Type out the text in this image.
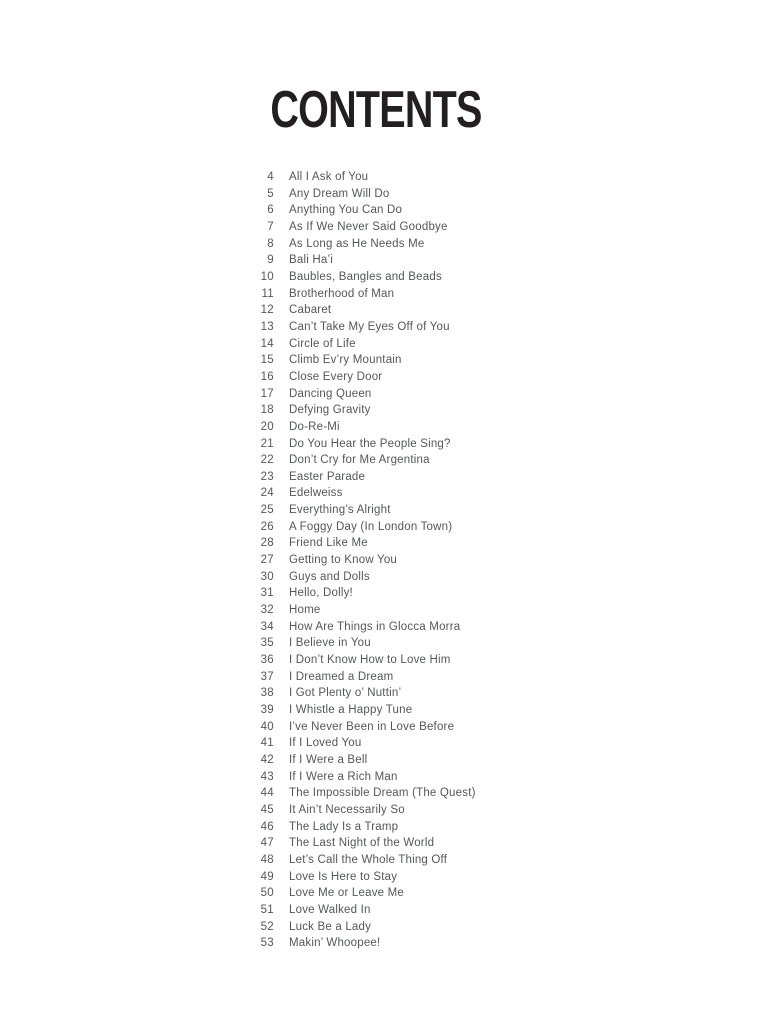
CONTENTS
4	All I Ask of You
5	Any Dream Will Do
6	Anything You Can Do
7	As If We Never Said Goodbye
8	As Long as He Needs Me
9	Bali Ha’i
10	Baubles, Bangles and Beads
11	Brotherhood of Man
12	Cabaret
13	Can’t Take My Eyes Off of You
14	Circle of Life
15	Climb Ev’ry Mountain
16	Close Every Door
17	Dancing Queen
18	Defying Gravity
20	Do-Re-Mi
21	Do You Hear the People Sing?
22	Don’t Cry for Me Argentina
23	Easter Parade
24	Edelweiss
25	Everything’s Alright
26	A Foggy Day (In London Town)
28	Friend Like Me
27	Getting to Know You
30	Guys and Dolls
31	Hello, Dolly!
32	Home
34	How Are Things in Glocca Morra
35	I Believe in You
36	I Don’t Know How to Love Him
37	I Dreamed a Dream
38	I Got Plenty o’ Nuttin’
39	I Whistle a Happy Tune
40	I’ve Never Been in Love Before
41	If I Loved You
42	If I Were a Bell
43	If I Were a Rich Man
44	The Impossible Dream (The Quest)
45	It Ain’t Necessarily So
46	The Lady Is a Tramp
47	The Last Night of the World
48	Let’s Call the Whole Thing Off
49	Love Is Here to Stay
50	Love Me or Leave Me
51	Love Walked In
52	Luck Be a Lady
53	Makin’ Whoopee!
